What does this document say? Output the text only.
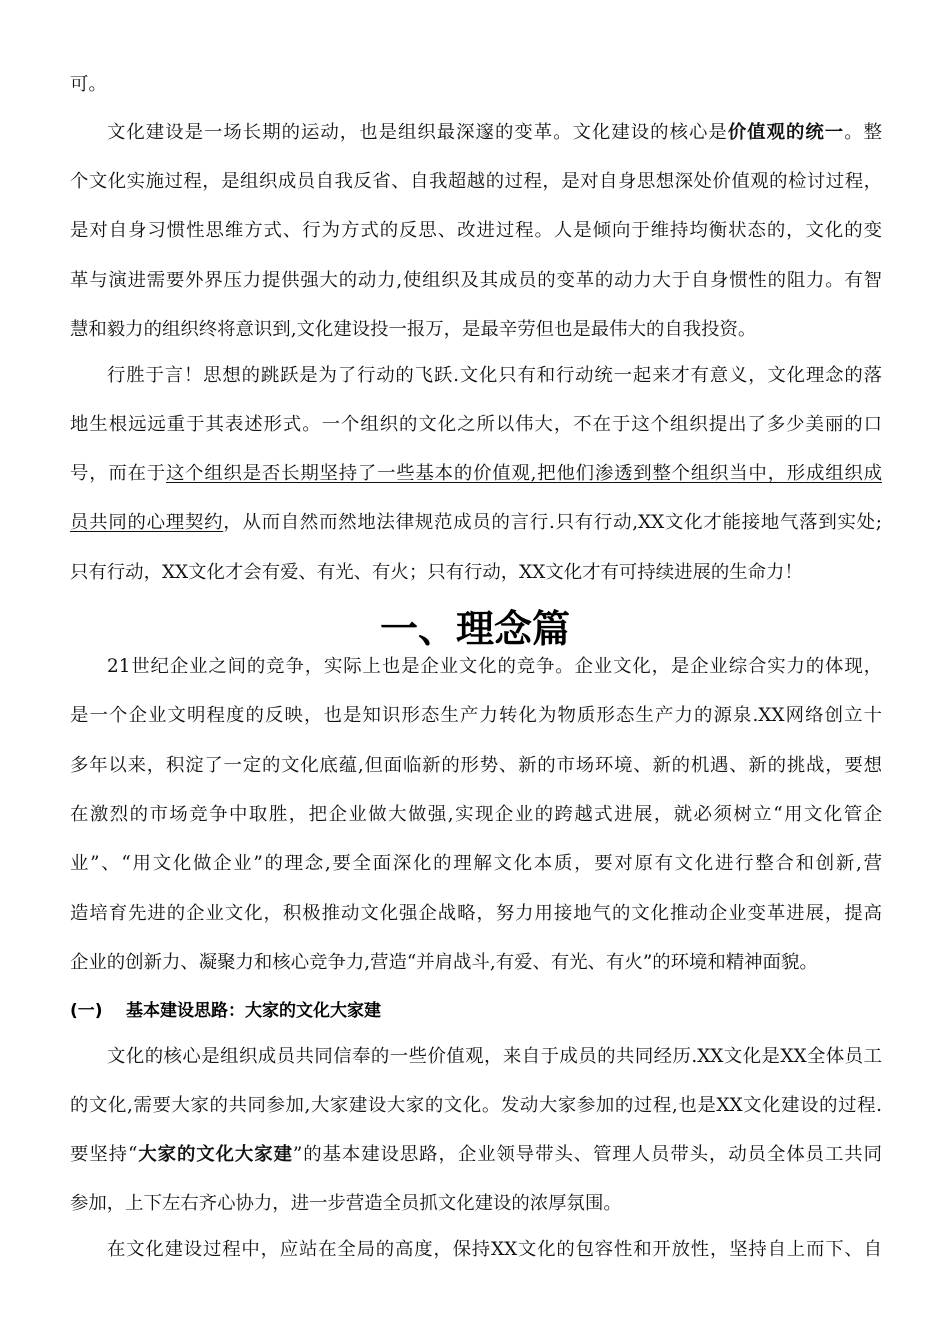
可。
文化建设是一场长期的运动，也是组织最深邃的变革。文化建设的核心是价值观的统一。整
个文化实施过程，是组织成员自我反省、自我超越的过程，是对自身思想深处价值观的检讨过程，
是对自身习惯性思维方式、行为方式的反思、改进过程。人是倾向于维持均衡状态的，文化的变
革与演进需要外界压力提供强大的动力,使组织及其成员的变革的动力大于自身惯性的阻力。有智
慧和毅力的组织终将意识到,文化建设投一报万，是最辛劳但也是最伟大的自我投资。
行胜于言！思想的跳跃是为了行动的飞跃.文化只有和行动统一起来才有意义，文化理念的落
地生根远远重于其表述形式。一个组织的文化之所以伟大，不在于这个组织提出了多少美丽的口
号，而在于这个组织是否长期坚持了一些基本的价值观,把他们渗透到整个组织当中，形成组织成
员共同的心理契约，从而自然而然地法律规范成员的言行.只有行动,XX文化才能接地气落到实处;
只有行动，XX文化才会有爱、有光、有火；只有行动，XX文化才有可持续进展的生命力！
一、理念篇
21世纪企业之间的竞争，实际上也是企业文化的竞争。企业文化，是企业综合实力的体现，
是一个企业文明程度的反映，也是知识形态生产力转化为物质形态生产力的源泉.XX网络创立十
多年以来，积淀了一定的文化底蕴,但面临新的形势、新的市场环境、新的机遇、新的挑战，要想
在激烈的市场竞争中取胜，把企业做大做强,实现企业的跨越式进展，就必须树立“用文化管企
业”、“用文化做企业”的理念,要全面深化的理解文化本质，要对原有文化进行整合和创新,营
造培育先进的企业文化，积极推动文化强企战略，努力用接地气的文化推动企业变革进展，提高
企业的创新力、凝聚力和核心竞争力,营造“并肩战斗,有爱、有光、有火”的环境和精神面貌。
(一) 基本建设思路：大家的文化大家建
文化的核心是组织成员共同信奉的一些价值观，来自于成员的共同经历.XX文化是XX全体员工
的文化,需要大家的共同参加,大家建设大家的文化。发动大家参加的过程,也是XX文化建设的过程.
要坚持“大家的文化大家建”的基本建设思路，企业领导带头、管理人员带头，动员全体员工共同
参加，上下左右齐心协力，进一步营造全员抓文化建设的浓厚氛围。
在文化建设过程中，应站在全局的高度，保持XX文化的包容性和开放性，坚持自上而下、自
